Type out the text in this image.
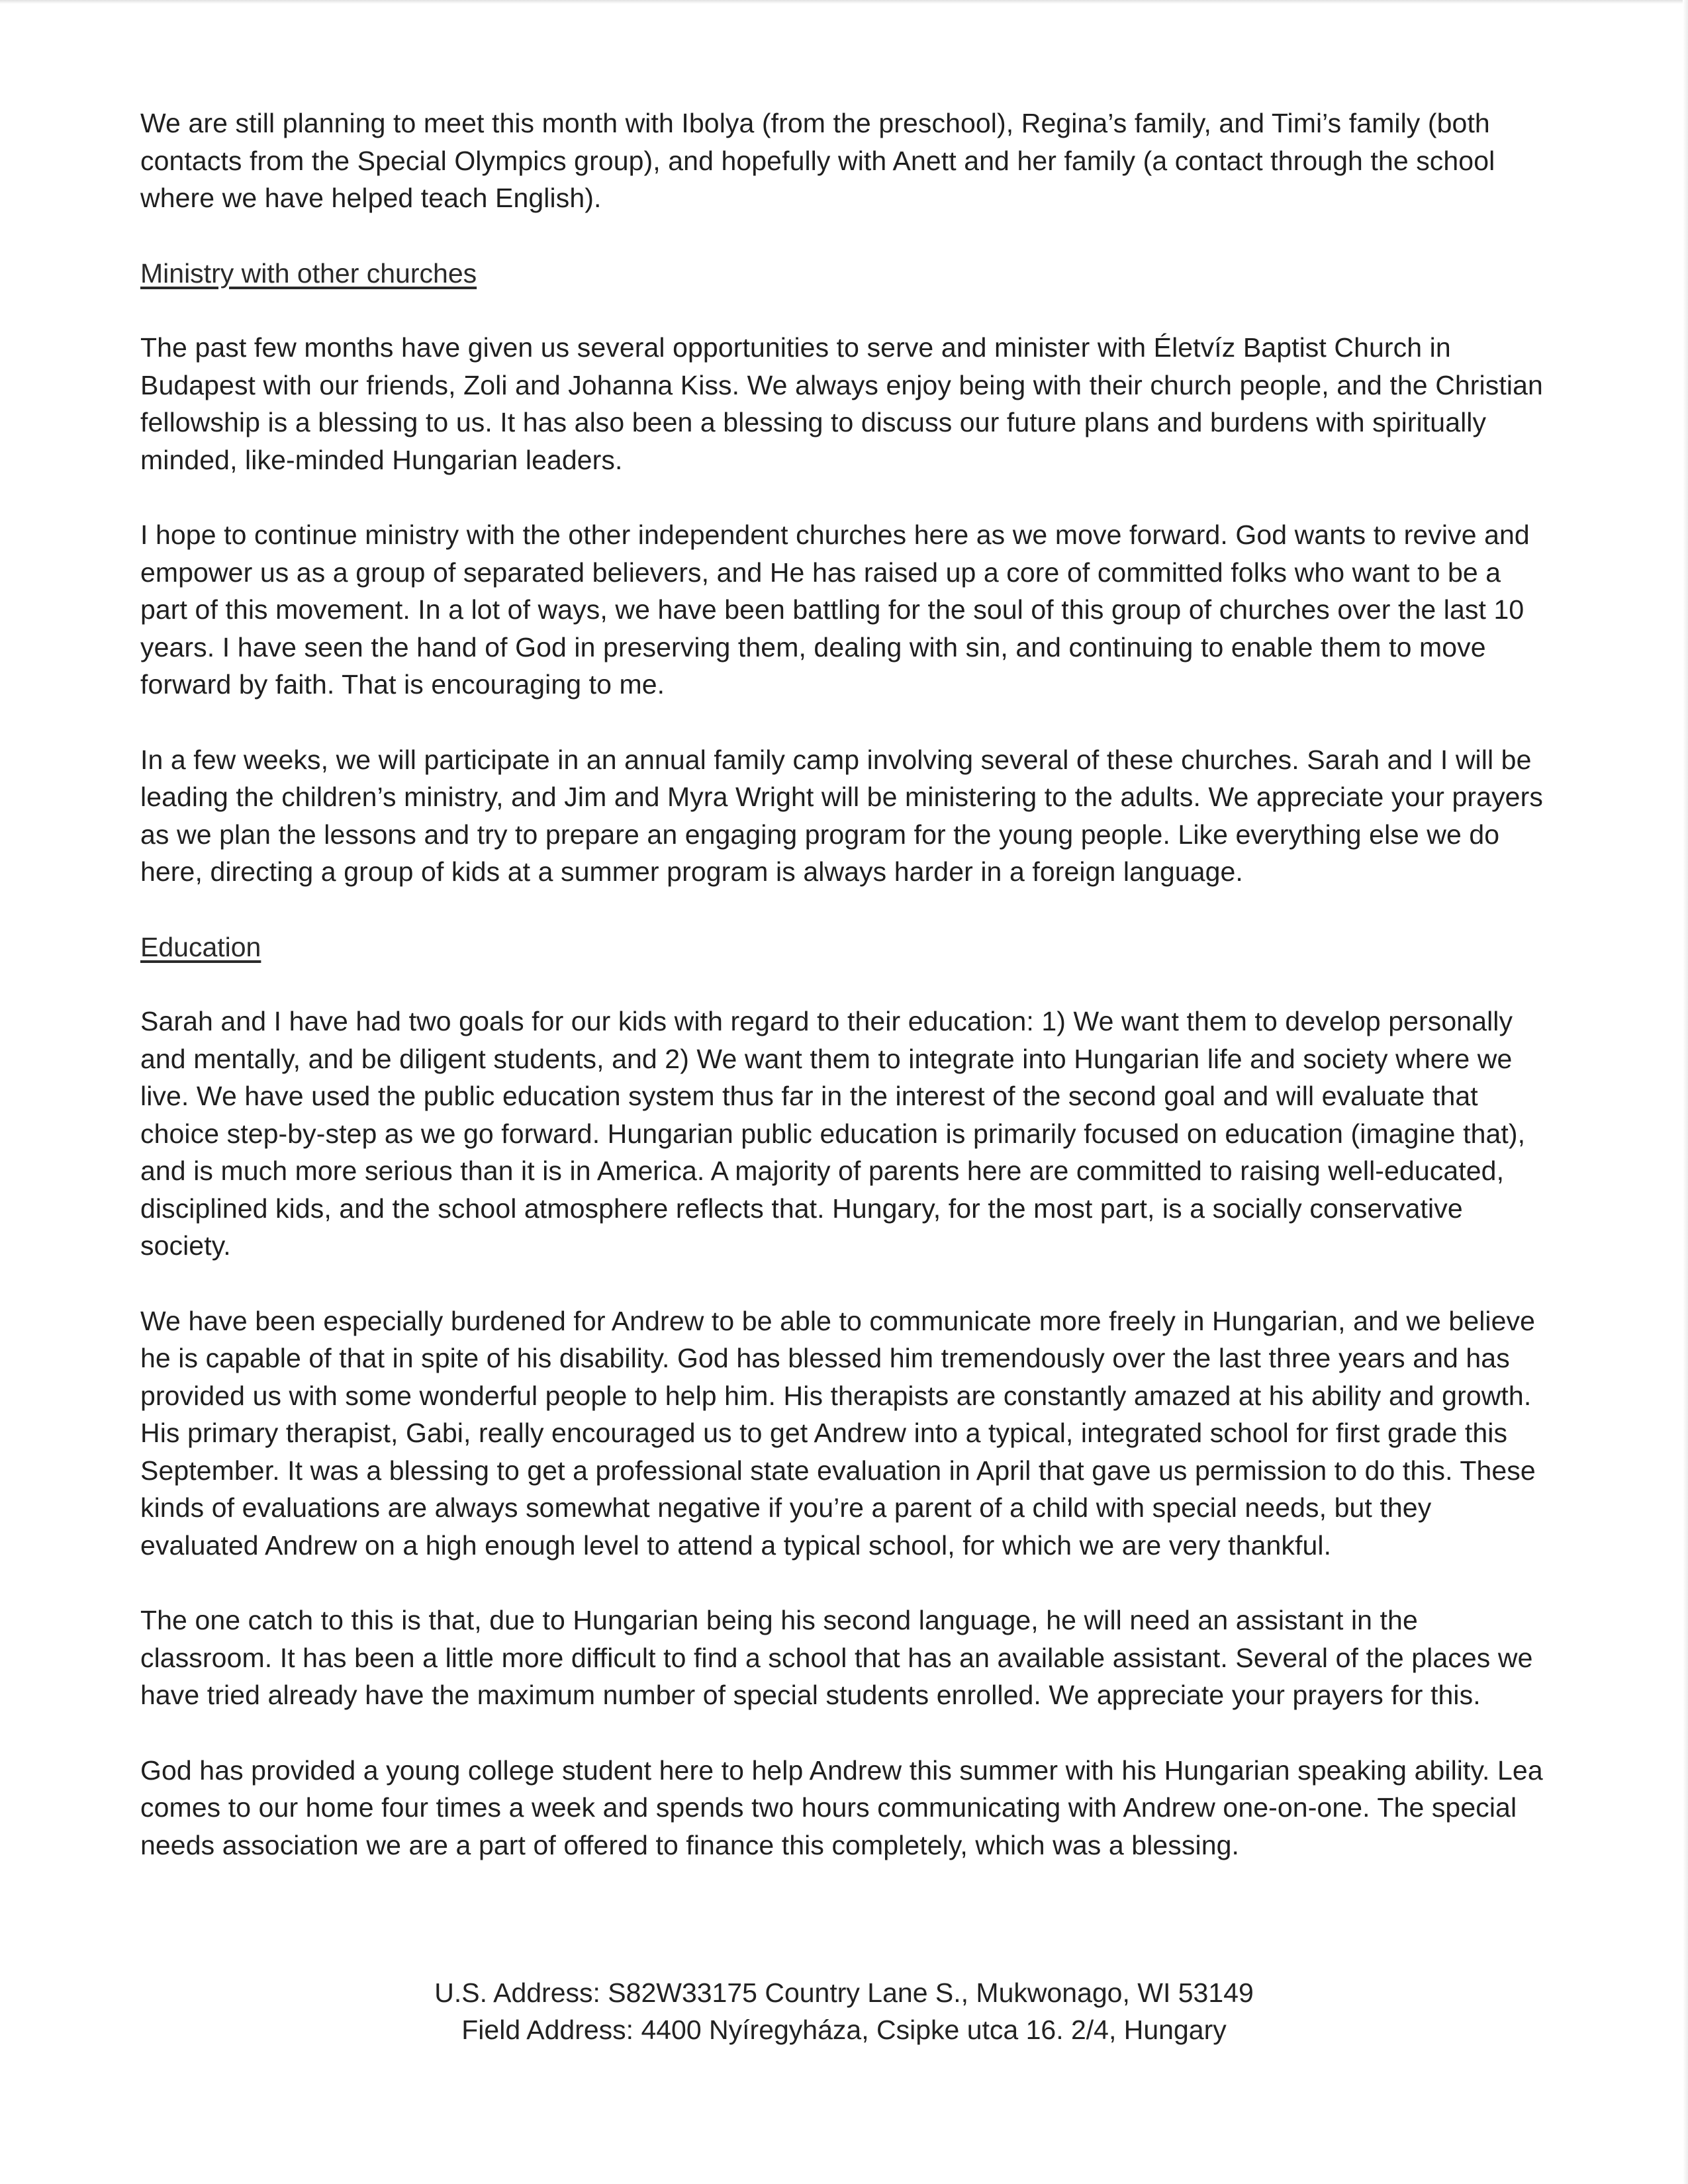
We are still planning to meet this month with Ibolya (from the preschool), Regina’s family, and Timi’s family (both contacts from the Special Olympics group), and hopefully with Anett and her family (a contact through the school where we have helped teach English).

Ministry with other churches

The past few months have given us several opportunities to serve and minister with Életvíz Baptist Church in Budapest with our friends, Zoli and Johanna Kiss. We always enjoy being with their church people, and the Christian fellowship is a blessing to us. It has also been a blessing to discuss our future plans and burdens with spiritually minded, like-minded Hungarian leaders.

I hope to continue ministry with the other independent churches here as we move forward. God wants to revive and empower us as a group of separated believers, and He has raised up a core of committed folks who want to be a part of this movement. In a lot of ways, we have been battling for the soul of this group of churches over the last 10 years. I have seen the hand of God in preserving them, dealing with sin, and continuing to enable them to move forward by faith. That is encouraging to me.

In a few weeks, we will participate in an annual family camp involving several of these churches. Sarah and I will be leading the children’s ministry, and Jim and Myra Wright will be ministering to the adults. We appreciate your prayers as we plan the lessons and try to prepare an engaging program for the young people. Like everything else we do here, directing a group of kids at a summer program is always harder in a foreign language.

Education

Sarah and I have had two goals for our kids with regard to their education: 1) We want them to develop personally and mentally, and be diligent students, and 2) We want them to integrate into Hungarian life and society where we live. We have used the public education system thus far in the interest of the second goal and will evaluate that choice step-by-step as we go forward. Hungarian public education is primarily focused on education (imagine that), and is much more serious than it is in America. A majority of parents here are committed to raising well-educated, disciplined kids, and the school atmosphere reflects that. Hungary, for the most part, is a socially conservative society.

We have been especially burdened for Andrew to be able to communicate more freely in Hungarian, and we believe he is capable of that in spite of his disability. God has blessed him tremendously over the last three years and has provided us with some wonderful people to help him. His therapists are constantly amazed at his ability and growth. His primary therapist, Gabi, really encouraged us to get Andrew into a typical, integrated school for first grade this September. It was a blessing to get a professional state evaluation in April that gave us permission to do this. These kinds of evaluations are always somewhat negative if you’re a parent of a child with special needs, but they evaluated Andrew on a high enough level to attend a typical school, for which we are very thankful.

The one catch to this is that, due to Hungarian being his second language, he will need an assistant in the classroom. It has been a little more difficult to find a school that has an available assistant. Several of the places we have tried already have the maximum number of special students enrolled. We appreciate your prayers for this.

God has provided a young college student here to help Andrew this summer with his Hungarian speaking ability. Lea comes to our home four times a week and spends two hours communicating with Andrew one-on-one. The special needs association we are a part of offered to finance this completely, which was a blessing.

U.S. Address: S82W33175 Country Lane S., Mukwonago, WI 53149
Field Address: 4400 Nyíregyháza, Csipke utca 16. 2/4, Hungary
